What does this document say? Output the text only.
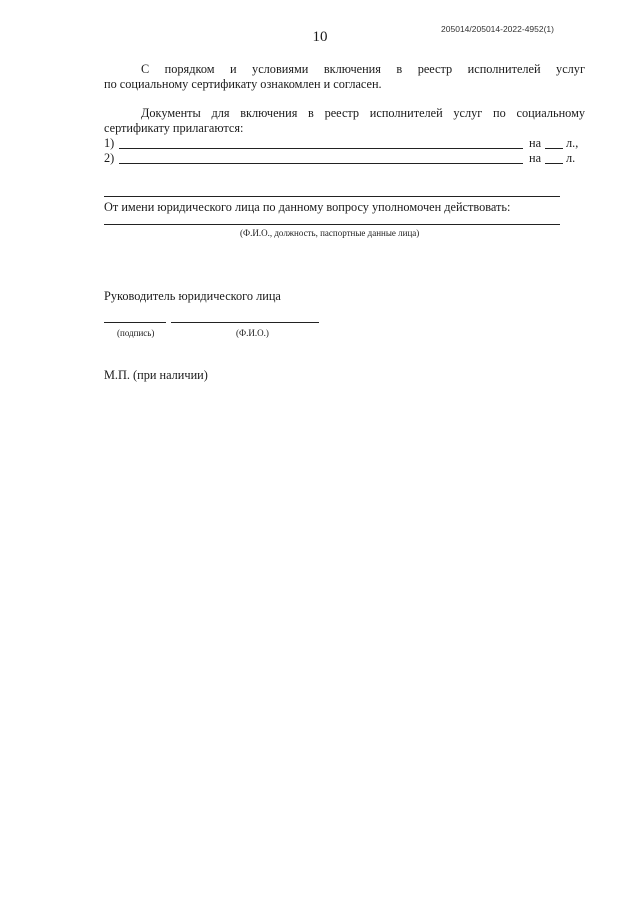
205014/205014-2022-4952(1)
10
С порядком и условиями включения в реестр исполнителей услуг
по социальному сертификату ознакомлен и согласен.
Документы для включения в реестр исполнителей услуг по социальному
сертификату прилагаются:
1)	на л.,
2)	на л.
От имени юридического лица по данному вопросу уполномочен действовать:
(Ф.И.О., должность, паспортные данные лица)
Руководитель юридического лица
(подпись)	(Ф.И.О.)
М.П. (при наличии)
